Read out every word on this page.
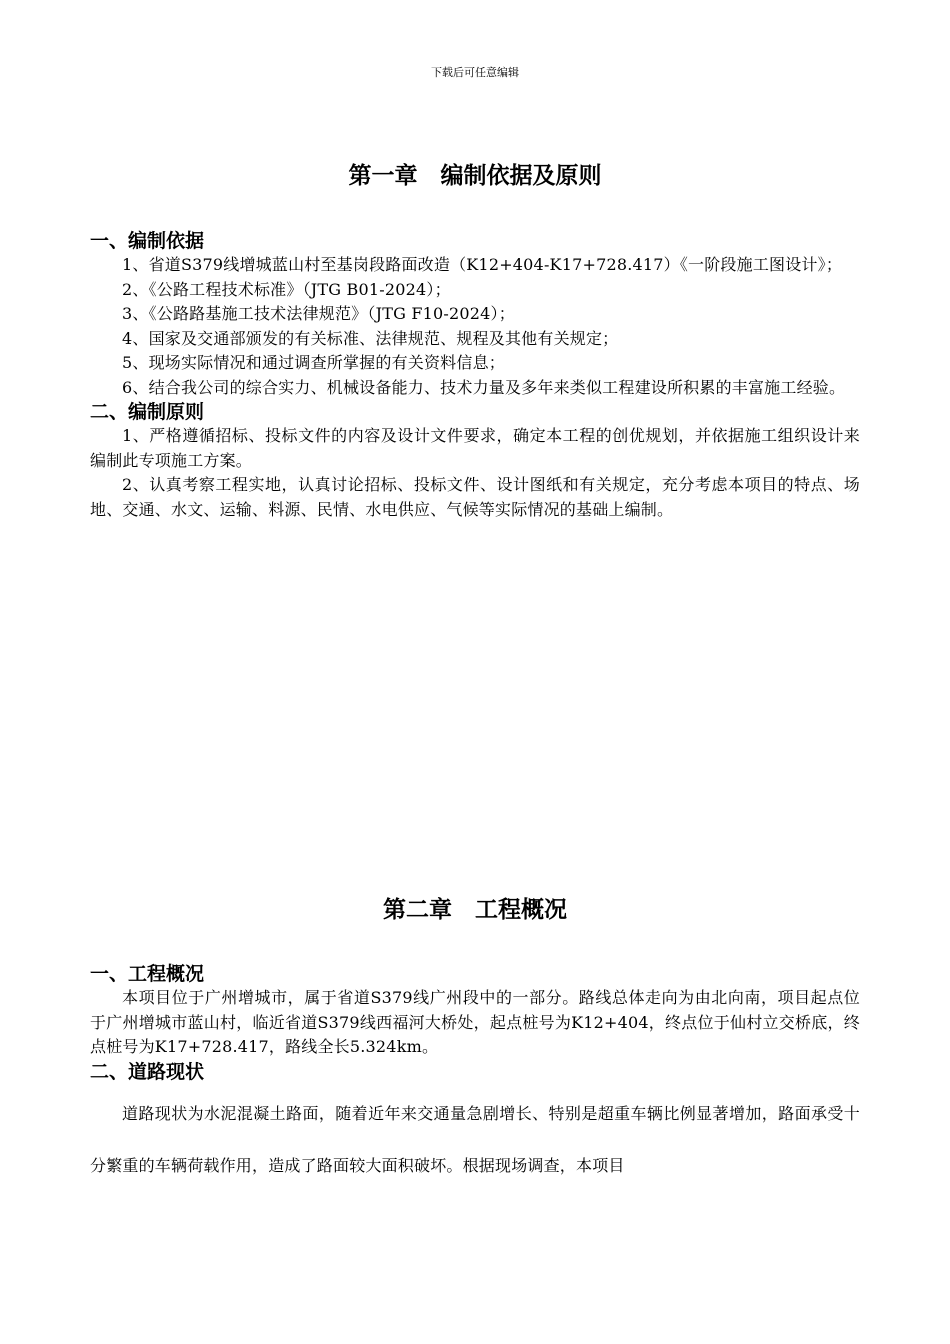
下载后可任意编辑
第一章　编制依据及原则
一、编制依据

1、省道S379线增城蓝山村至基岗段路面改造（K12+404-K17+728.417）《一阶段施工图设计》；

2、《公路工程技术标准》（JTG B01-2024）；

3、《公路路基施工技术法律规范》（JTG F10-2024）；

4、国家及交通部颁发的有关标准、法律规范、规程及其他有关规定；

5、现场实际情况和通过调查所掌握的有关资料信息；

6、结合我公司的综合实力、机械设备能力、技术力量及多年来类似工程建设所积累的丰富施工经验。

二、编制原则

1、严格遵循招标、投标文件的内容及设计文件要求，确定本工程的创优规划，并依据施工组织设计来编制此专项施工方案。

2、认真考察工程实地，认真讨论招标、投标文件、设计图纸和有关规定，充分考虑本项目的特点、场地、交通、水文、运输、料源、民情、水电供应、气候等实际情况的基础上编制。

第二章　工程概况
一、工程概况

本项目位于广州增城市，属于省道S379线广州段中的一部分。路线总体走向为由北向南，项目起点位于广州增城市蓝山村，临近省道S379线西福河大桥处，起点桩号为K12+404，终点位于仙村立交桥底，终点桩号为K17+728.417，路线全长5.324km。

二、道路现状

道路现状为水泥混凝土路面，随着近年来交通量急剧增长、特别是超重车辆比例显著增加，路面承受十分繁重的车辆荷载作用，造成了路面较大面积破坏。根据现场调查，本项目
